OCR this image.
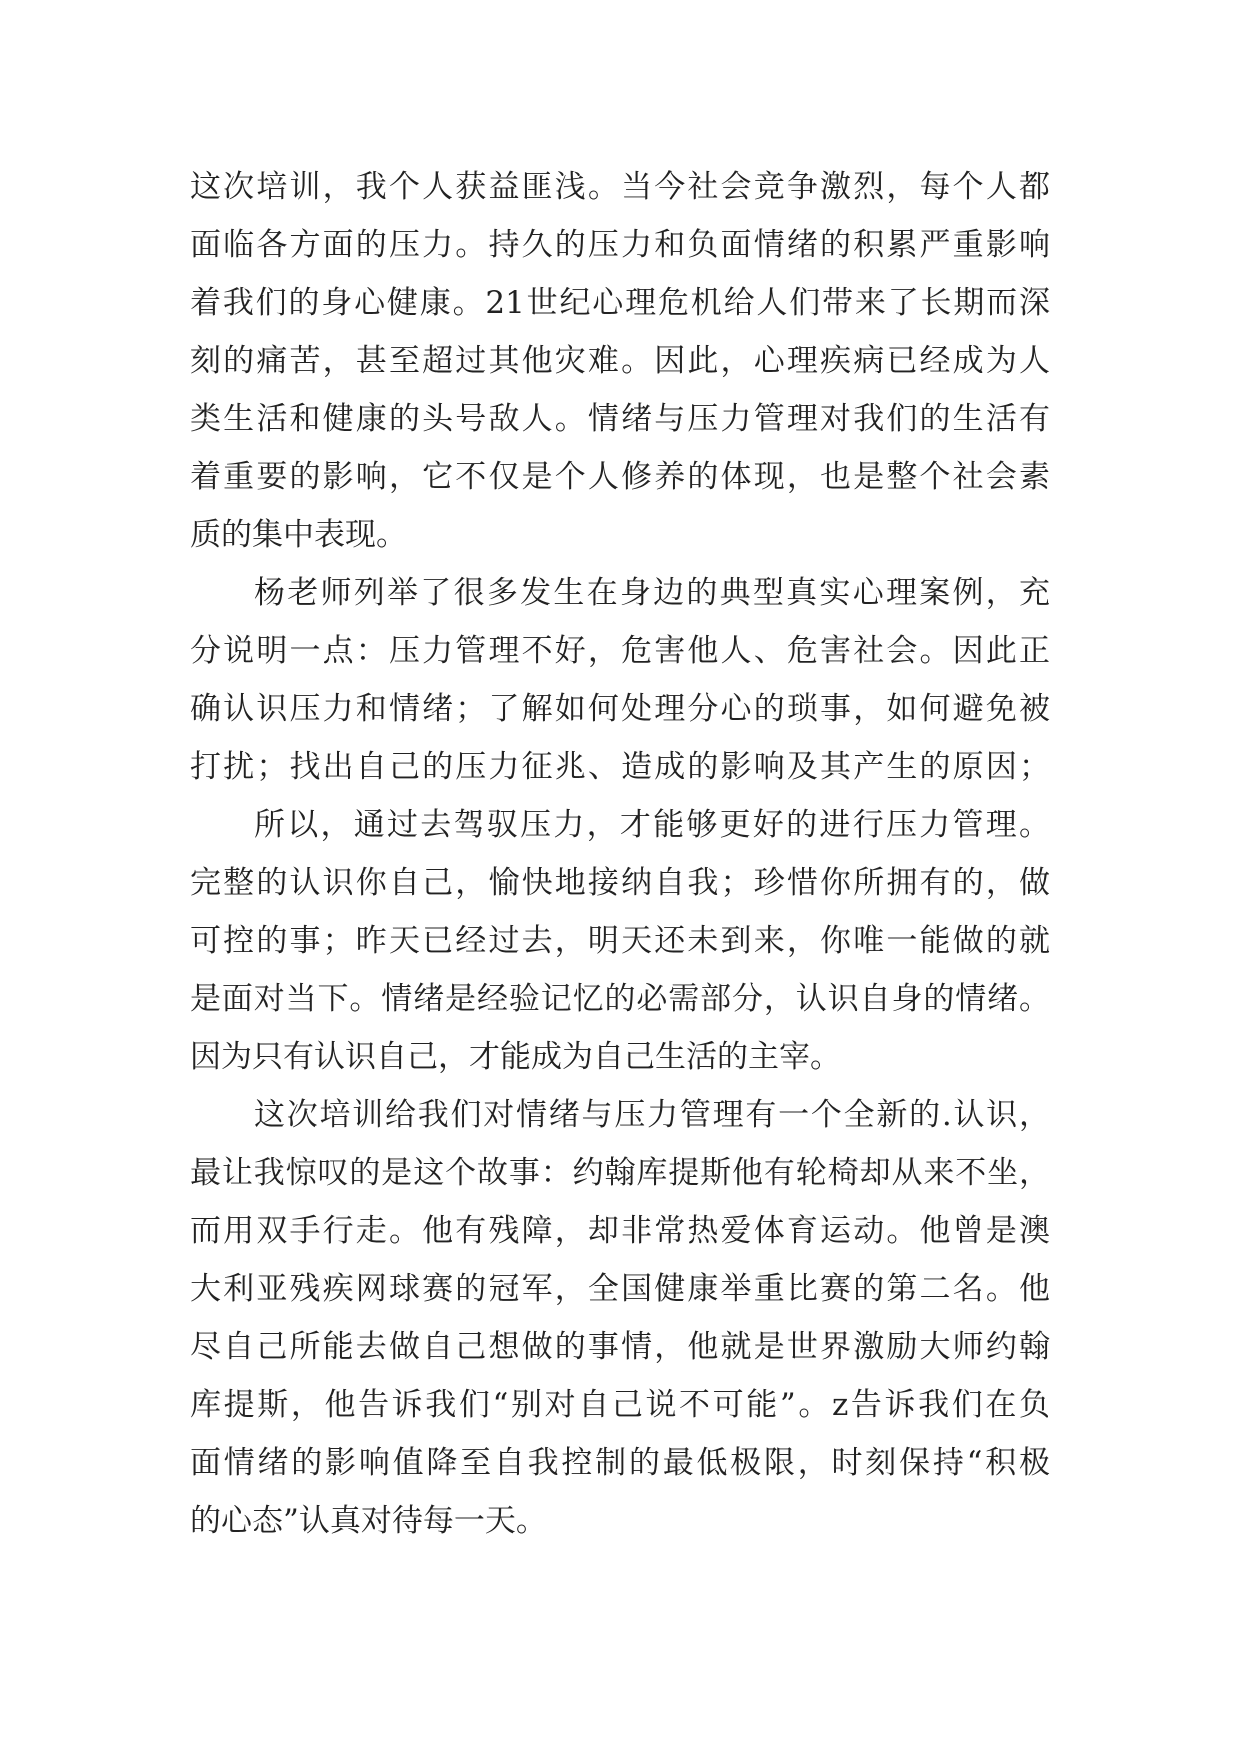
这次培训，我个人获益匪浅。当今社会竞争激烈，每个人都
面临各方面的压力。持久的压力和负面情绪的积累严重影响
着我们的身心健康。21世纪心理危机给人们带来了长期而深
刻的痛苦，甚至超过其他灾难。因此，心理疾病已经成为人
类生活和健康的头号敌人。情绪与压力管理对我们的生活有
着重要的影响，它不仅是个人修养的体现，也是整个社会素
质的集中表现。
杨老师列举了很多发生在身边的典型真实心理案例，充
分说明一点：压力管理不好，危害他人、危害社会。因此正
确认识压力和情绪；了解如何处理分心的琐事，如何避免被
打扰；找出自己的压力征兆、造成的影响及其产生的原因；
所以，通过去驾驭压力，才能够更好的进行压力管理。
完整的认识你自己，愉快地接纳自我；珍惜你所拥有的，做
可控的事；昨天已经过去，明天还未到来，你唯一能做的就
是面对当下。情绪是经验记忆的必需部分，认识自身的情绪。
因为只有认识自己，才能成为自己生活的主宰。
这次培训给我们对情绪与压力管理有一个全新的.认识，
最让我惊叹的是这个故事：约翰库提斯他有轮椅却从来不坐，
而用双手行走。他有残障，却非常热爱体育运动。他曾是澳
大利亚残疾网球赛的冠军，全国健康举重比赛的第二名。他
尽自己所能去做自己想做的事情，他就是世界激励大师约翰
库提斯，他告诉我们“别对自己说不可能”。z告诉我们在负
面情绪的影响值降至自我控制的最低极限，时刻保持“积极
的心态”认真对待每一天。
